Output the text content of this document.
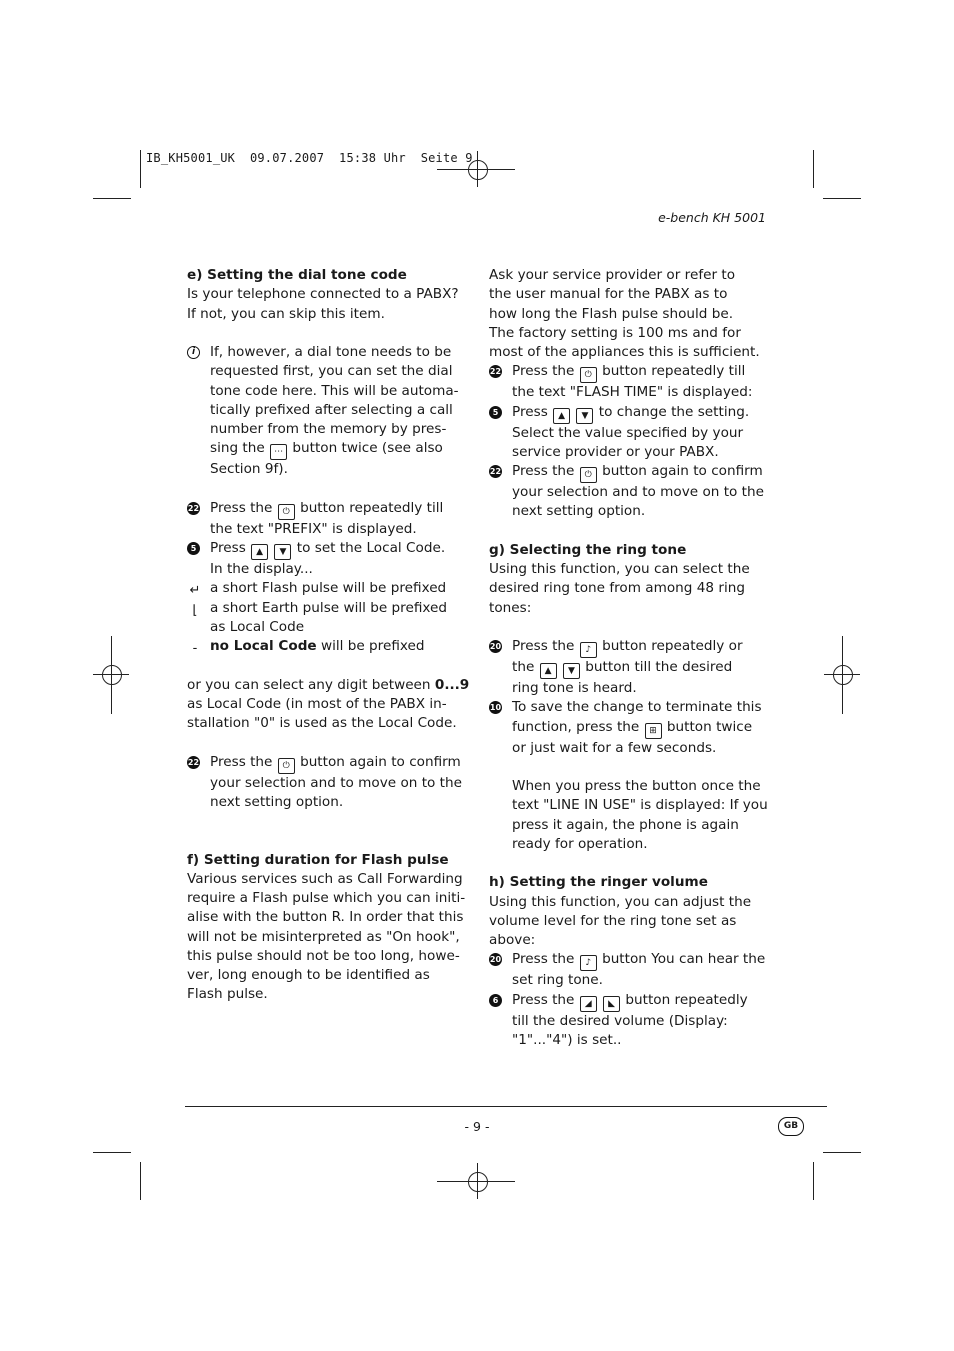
IB_KH5001_UK  09.07.2007  15:38 Uhr  Seite 9
e-bench KH 5001

e) Setting the dial tone code

Is your telephone connected to a PABX?

If not, you can skip this item.

i	If, however, a dial tone needs to be

requested first, you can set the dial

tone code here. This will be automa-

tically prefixed after selecting a call

number from the memory by pres-

sing the ⋯ button twice (see also

Section 9f).

22 Press the ⏻ button repeatedly till

the text "PREFIX" is displayed.

5 Press ▲ ▼ to set the Local Code.

In the display...

↵ a short Flash pulse will be prefixed

⌊ a short Earth pulse will be prefixed

as Local Code

- no Local Code will be prefixed

or you can select any digit between 0...9

as Local Code (in most of the PABX in-

stallation "0" is used as the Local Code.

22 Press the ⏻ button again to confirm

your selection and to move on to the

next setting option.

f) Setting duration for Flash pulse

Various services such as Call Forwarding

require a Flash pulse which you can initi-

alise with the button R. In order that this

will not be misinterpreted as "On hook",

this pulse should not be too long, howe-

ver, long enough to be identified as

Flash pulse.

Ask your service provider or refer to

the user manual for the PABX as to

how long the Flash pulse should be.

The factory setting is 100 ms and for

most of the appliances this is sufficient.

22 Press the ⏻ button repeatedly till

the text "FLASH TIME" is displayed:

5 Press ▲ ▼ to change the setting.

Select the value specified by your

service provider or your PABX.

22 Press the ⏻ button again to confirm

your selection and to move on to the

next setting option.

g) Selecting the ring tone

Using this function, you can select the

desired ring tone from among 48 ring

tones:

20 Press the ♪ button repeatedly or

the ▲ ▼ button till the desired

ring tone is heard.

10 To save the change to terminate this

function, press the ⊞ button twice

or just wait for a few seconds.

When you press the button once the

text "LINE IN USE" is displayed: If you

press it again, the phone is again

ready for operation.

h) Setting the ringer volume

Using this function, you can adjust the

volume level for the ring tone set as

above:

20 Press the ♪ button You can hear the

set ring tone.

6 Press the ◢ ◣ button repeatedly

till the desired volume (Display:

"1"..."4") is set..

- 9 -	GB
